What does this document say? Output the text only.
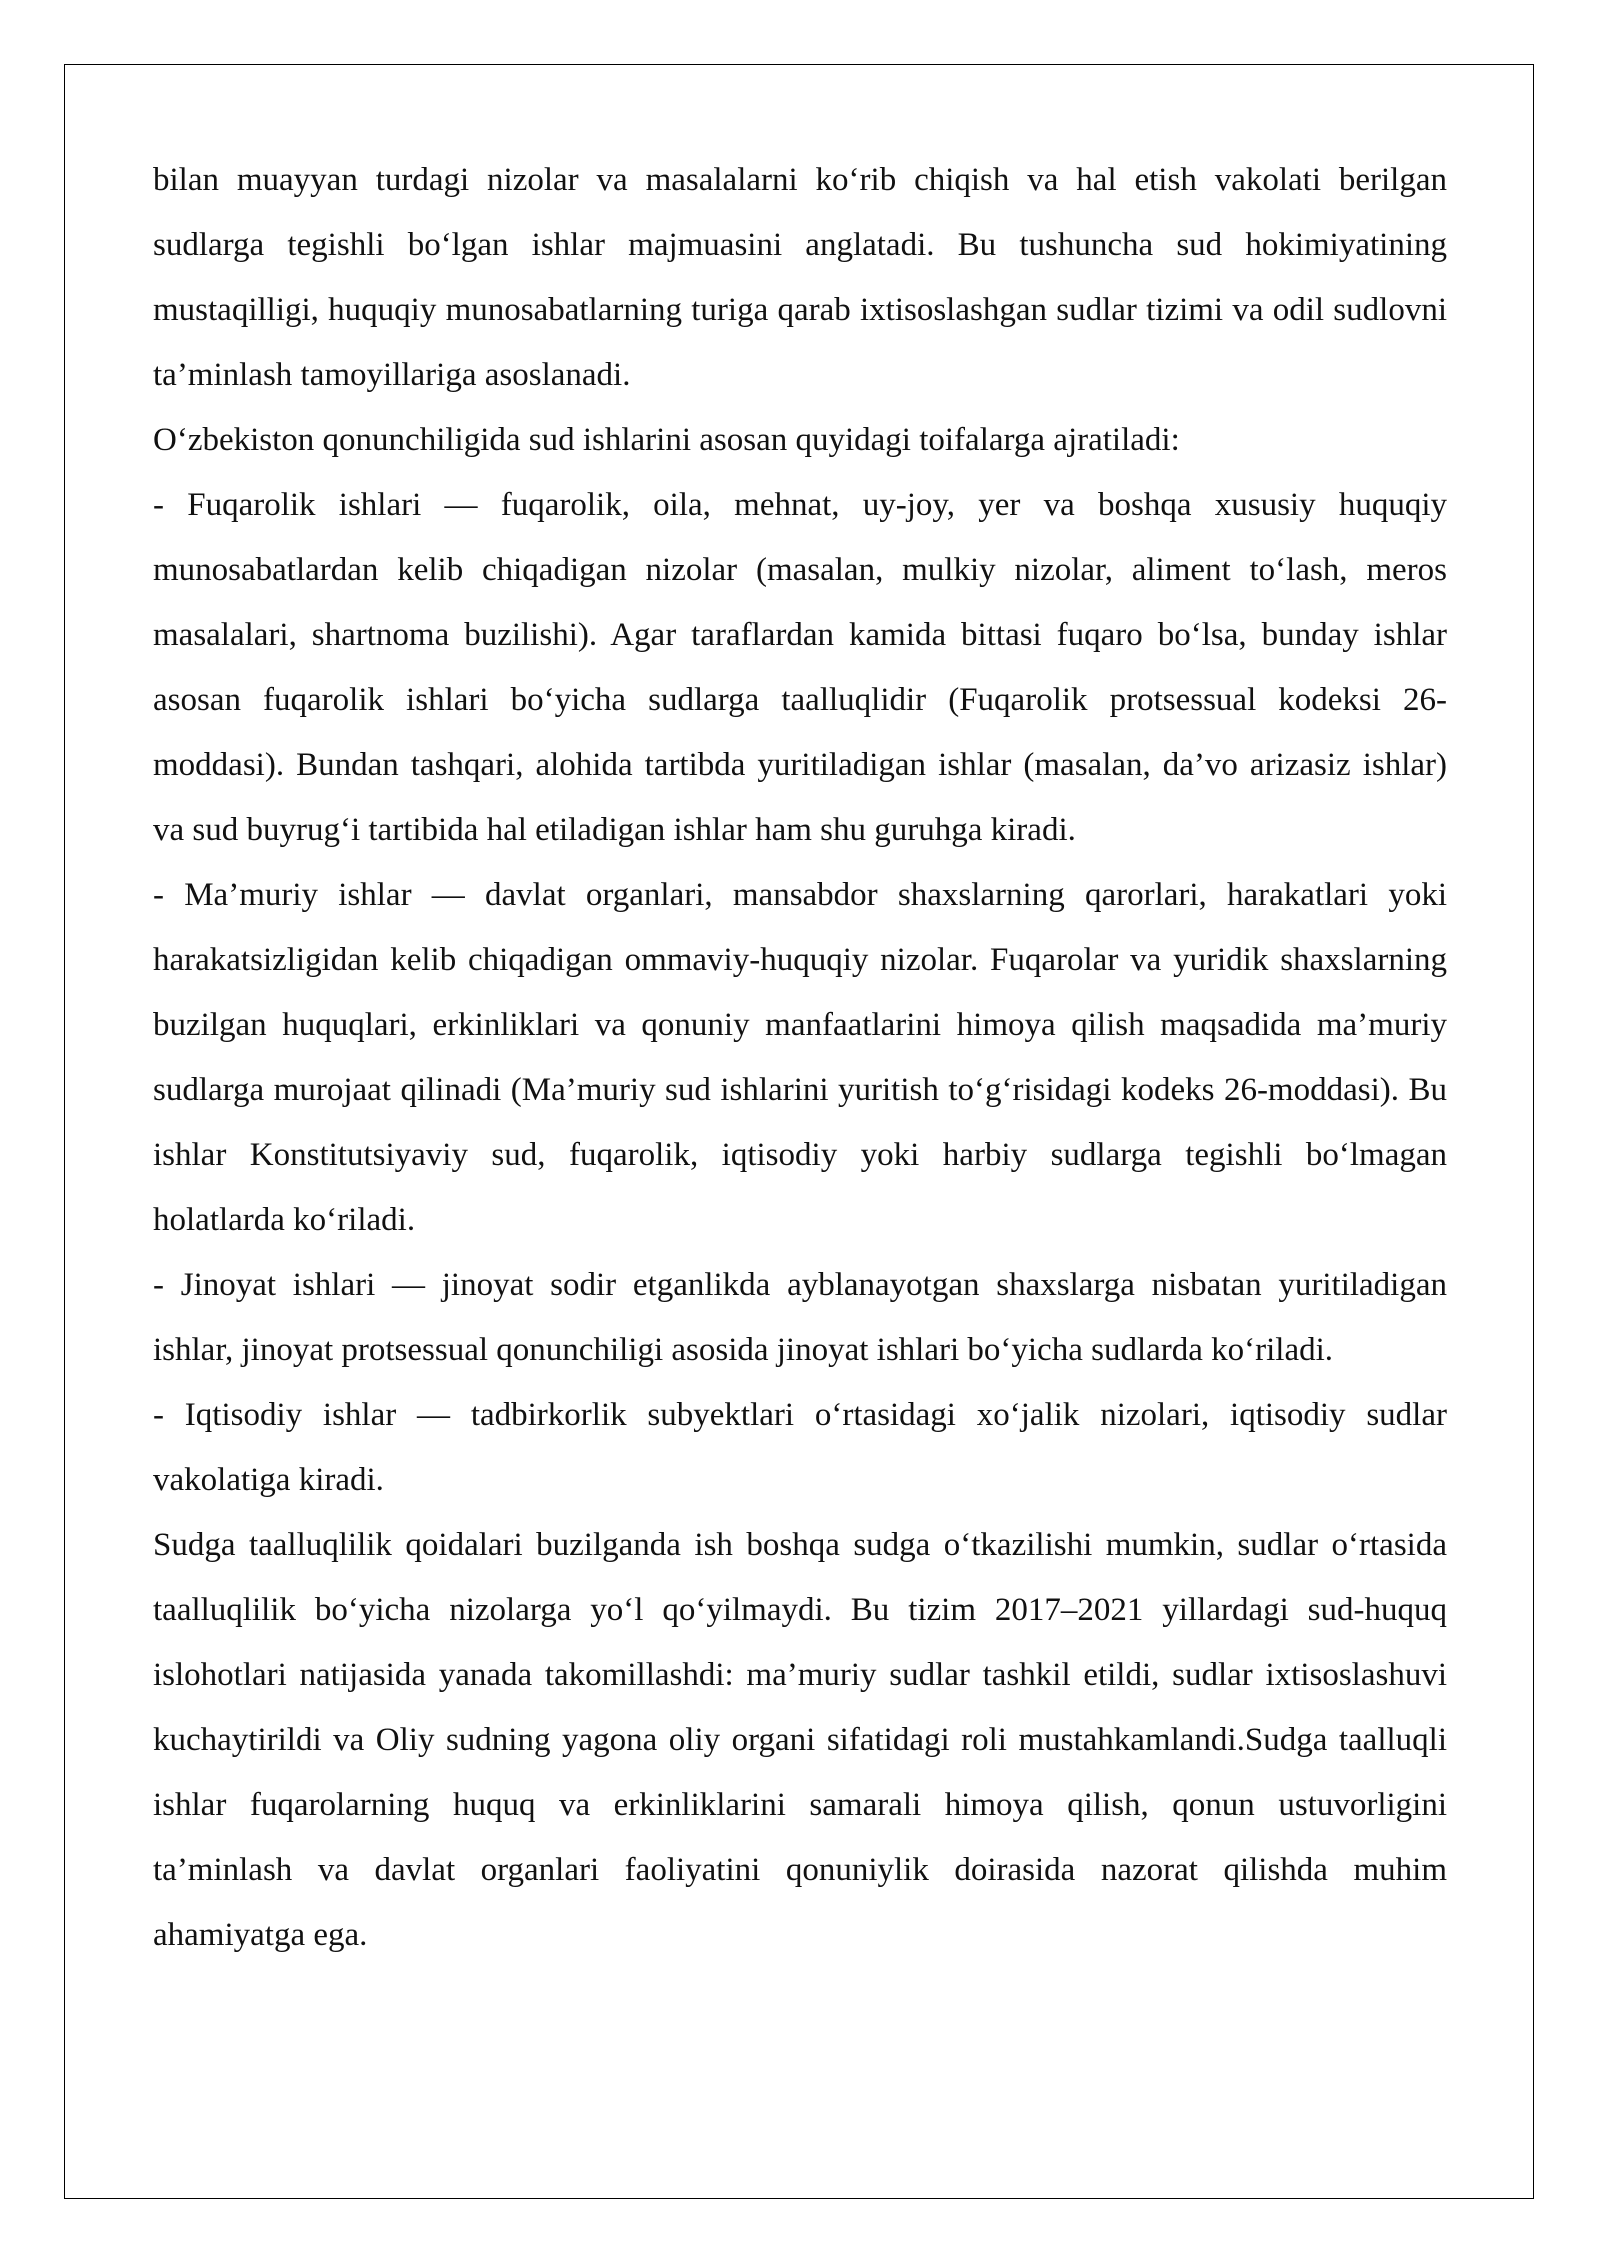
bilan muayyan turdagi nizolar va masalalarni ko‘rib chiqish va hal etish vakolati berilgan sudlarga tegishli bo‘lgan ishlar majmuasini anglatadi. Bu tushuncha sud hokimiyatining mustaqilligi, huquqiy munosabatlarning turiga qarab ixtisoslashgan sudlar tizimi va odil sudlovni ta’minlash tamoyillariga asoslanadi.

O‘zbekiston qonunchiligida sud ishlarini asosan quyidagi toifalarga ajratiladi:

- Fuqarolik ishlari — fuqarolik, oila, mehnat, uy-joy, yer va boshqa xususiy huquqiy munosabatlardan kelib chiqadigan nizolar (masalan, mulkiy nizolar, aliment to‘lash, meros masalalari, shartnoma buzilishi). Agar taraflardan kamida bittasi fuqaro bo‘lsa, bunday ishlar asosan fuqarolik ishlari bo‘yicha sudlarga taalluqlidir (Fuqarolik protsessual kodeksi 26-moddasi). Bundan tashqari, alohida tartibda yuritiladigan ishlar (masalan, da’vo arizasiz ishlar) va sud buyrug‘i tartibida hal etiladigan ishlar ham shu guruhga kiradi.

- Ma’muriy ishlar — davlat organlari, mansabdor shaxslarning qarorlari, harakatlari yoki harakatsizligidan kelib chiqadigan ommaviy-huquqiy nizolar. Fuqarolar va yuridik shaxslarning buzilgan huquqlari, erkinliklari va qonuniy manfaatlarini himoya qilish maqsadida ma’muriy sudlarga murojaat qilinadi (Ma’muriy sud ishlarini yuritish to‘g‘risidagi kodeks 26-moddasi). Bu ishlar Konstitutsiyaviy sud, fuqarolik, iqtisodiy yoki harbiy sudlarga tegishli bo‘lmagan holatlarda ko‘riladi.

- Jinoyat ishlari — jinoyat sodir etganlikda ayblanayotgan shaxslarga nisbatan yuritiladigan ishlar, jinoyat protsessual qonunchiligi asosida jinoyat ishlari bo‘yicha sudlarda ko‘riladi.

- Iqtisodiy ishlar — tadbirkorlik subyektlari o‘rtasidagi xo‘jalik nizolari, iqtisodiy sudlar vakolatiga kiradi.

Sudga taalluqlilik qoidalari buzilganda ish boshqa sudga o‘tkazilishi mumkin, sudlar o‘rtasida taalluqlilik bo‘yicha nizolarga yo‘l qo‘yilmaydi. Bu tizim 2017–2021 yillardagi sud-huquq islohotlari natijasida yanada takomillashdi: ma’muriy sudlar tashkil etildi, sudlar ixtisoslashuvi kuchaytirildi va Oliy sudning yagona oliy organi sifatidagi roli mustahkamlandi.Sudga taalluqli ishlar fuqarolarning huquq va erkinliklarini samarali himoya qilish, qonun ustuvorligini ta’minlash va davlat organlari faoliyatini qonuniylik doirasida nazorat qilishda muhim ahamiyatga ega.
